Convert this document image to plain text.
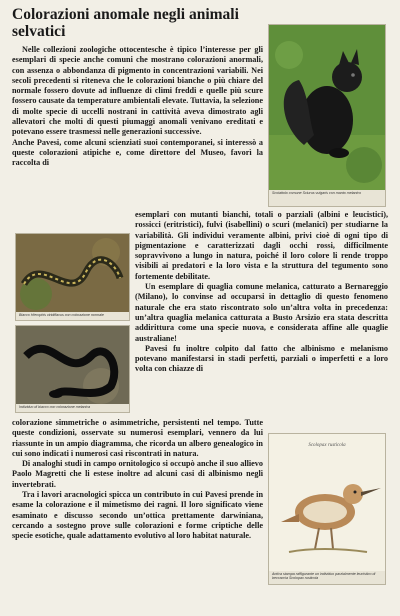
Colorazioni anomale negli animali selvatici
Scoiattolo comune Sciurus vulgaris con manto melanico
Biacco Hierophis viridiflavus con colorazione normale
Individuo di biacco con colorazione melanica
Scolopax rusticola
Antica stampa raffigurante un individuo parzialmente leucistico di beccaccia Scolopax rusticola

Nelle collezioni zoologiche ottocentesche è tipico l’interesse per gli esemplari di specie anche comuni che mostrano colorazioni anormali, con assenza o abbondanza di pigmento in concentrazioni variabili. Nei secoli precedenti si riteneva che le colorazioni bianche o più chiare del normale fossero dovute ad influenze di climi freddi e quelle più scure fossero causate da temperature ambientali elevate. Tuttavia, la selezione di molte specie di uccelli nostrani in cattività aveva dimostrato agli allevatori che molti di questi piumaggi anomali venivano ereditati e potevano essere trasmessi nelle generazioni successive.

Anche Pavesi, come alcuni scienziati suoi contemporanei, si interessò a queste colorazioni atipiche e, come direttore del Museo, favorì la raccolta di

esemplari con mutanti bianchi, totali o parziali (albini e leucistici), rossicci (eritristici), fulvi (isabellini) o scuri (melanici) per studiarne la variabilità. Gli individui veramente albini, privi cioè di ogni tipo di pigmentazione e caratterizzati dagli occhi rossi, difficilmente sopravvivono a lungo in natura, poiché il loro colore li rende troppo visibili ai predatori e la loro vista e la struttura del tegumento sono fortemente debilitate.

Un esemplare di quaglia comune melanica, catturato a Bernareggio (Milano), lo convinse ad occuparsi in dettaglio di questo fenomeno naturale che era stato riscontrato solo un’altra volta in precedenza: un’altra quaglia melanica catturata a Busto Arsizio era stata descritta addirittura come una specie nuova, e considerata affine alle quaglie australiane!

Pavesi fu inoltre colpito dal fatto che albinismo e melanismo potevano manifestarsi in stadi perfetti, parziali o imperfetti e a loro volta con chiazze di

colorazione simmetriche o asimmetriche, persistenti nel tempo. Tutte queste condizioni, osservate su numerosi esemplari, vennero da lui riassunte in un ampio diagramma, che ricorda un albero genealogico in cui sono indicati i numerosi casi riscontrati in natura.

Di analoghi studi in campo ornitologico si occupò anche il suo allievo Paolo Magretti che li estese inoltre ad alcuni casi di albinismo negli invertebrati.

Tra i lavori aracnologici spicca un contributo in cui Pavesi prende in esame la colorazione e il mimetismo dei ragni. Il loro significato viene esaminato e discusso secondo un’ottica prettamente darwiniana, cercando a sostegno prove sulle colorazioni e forme criptiche delle specie esotiche, quale adattamento evolutivo al loro habitat naturale.
